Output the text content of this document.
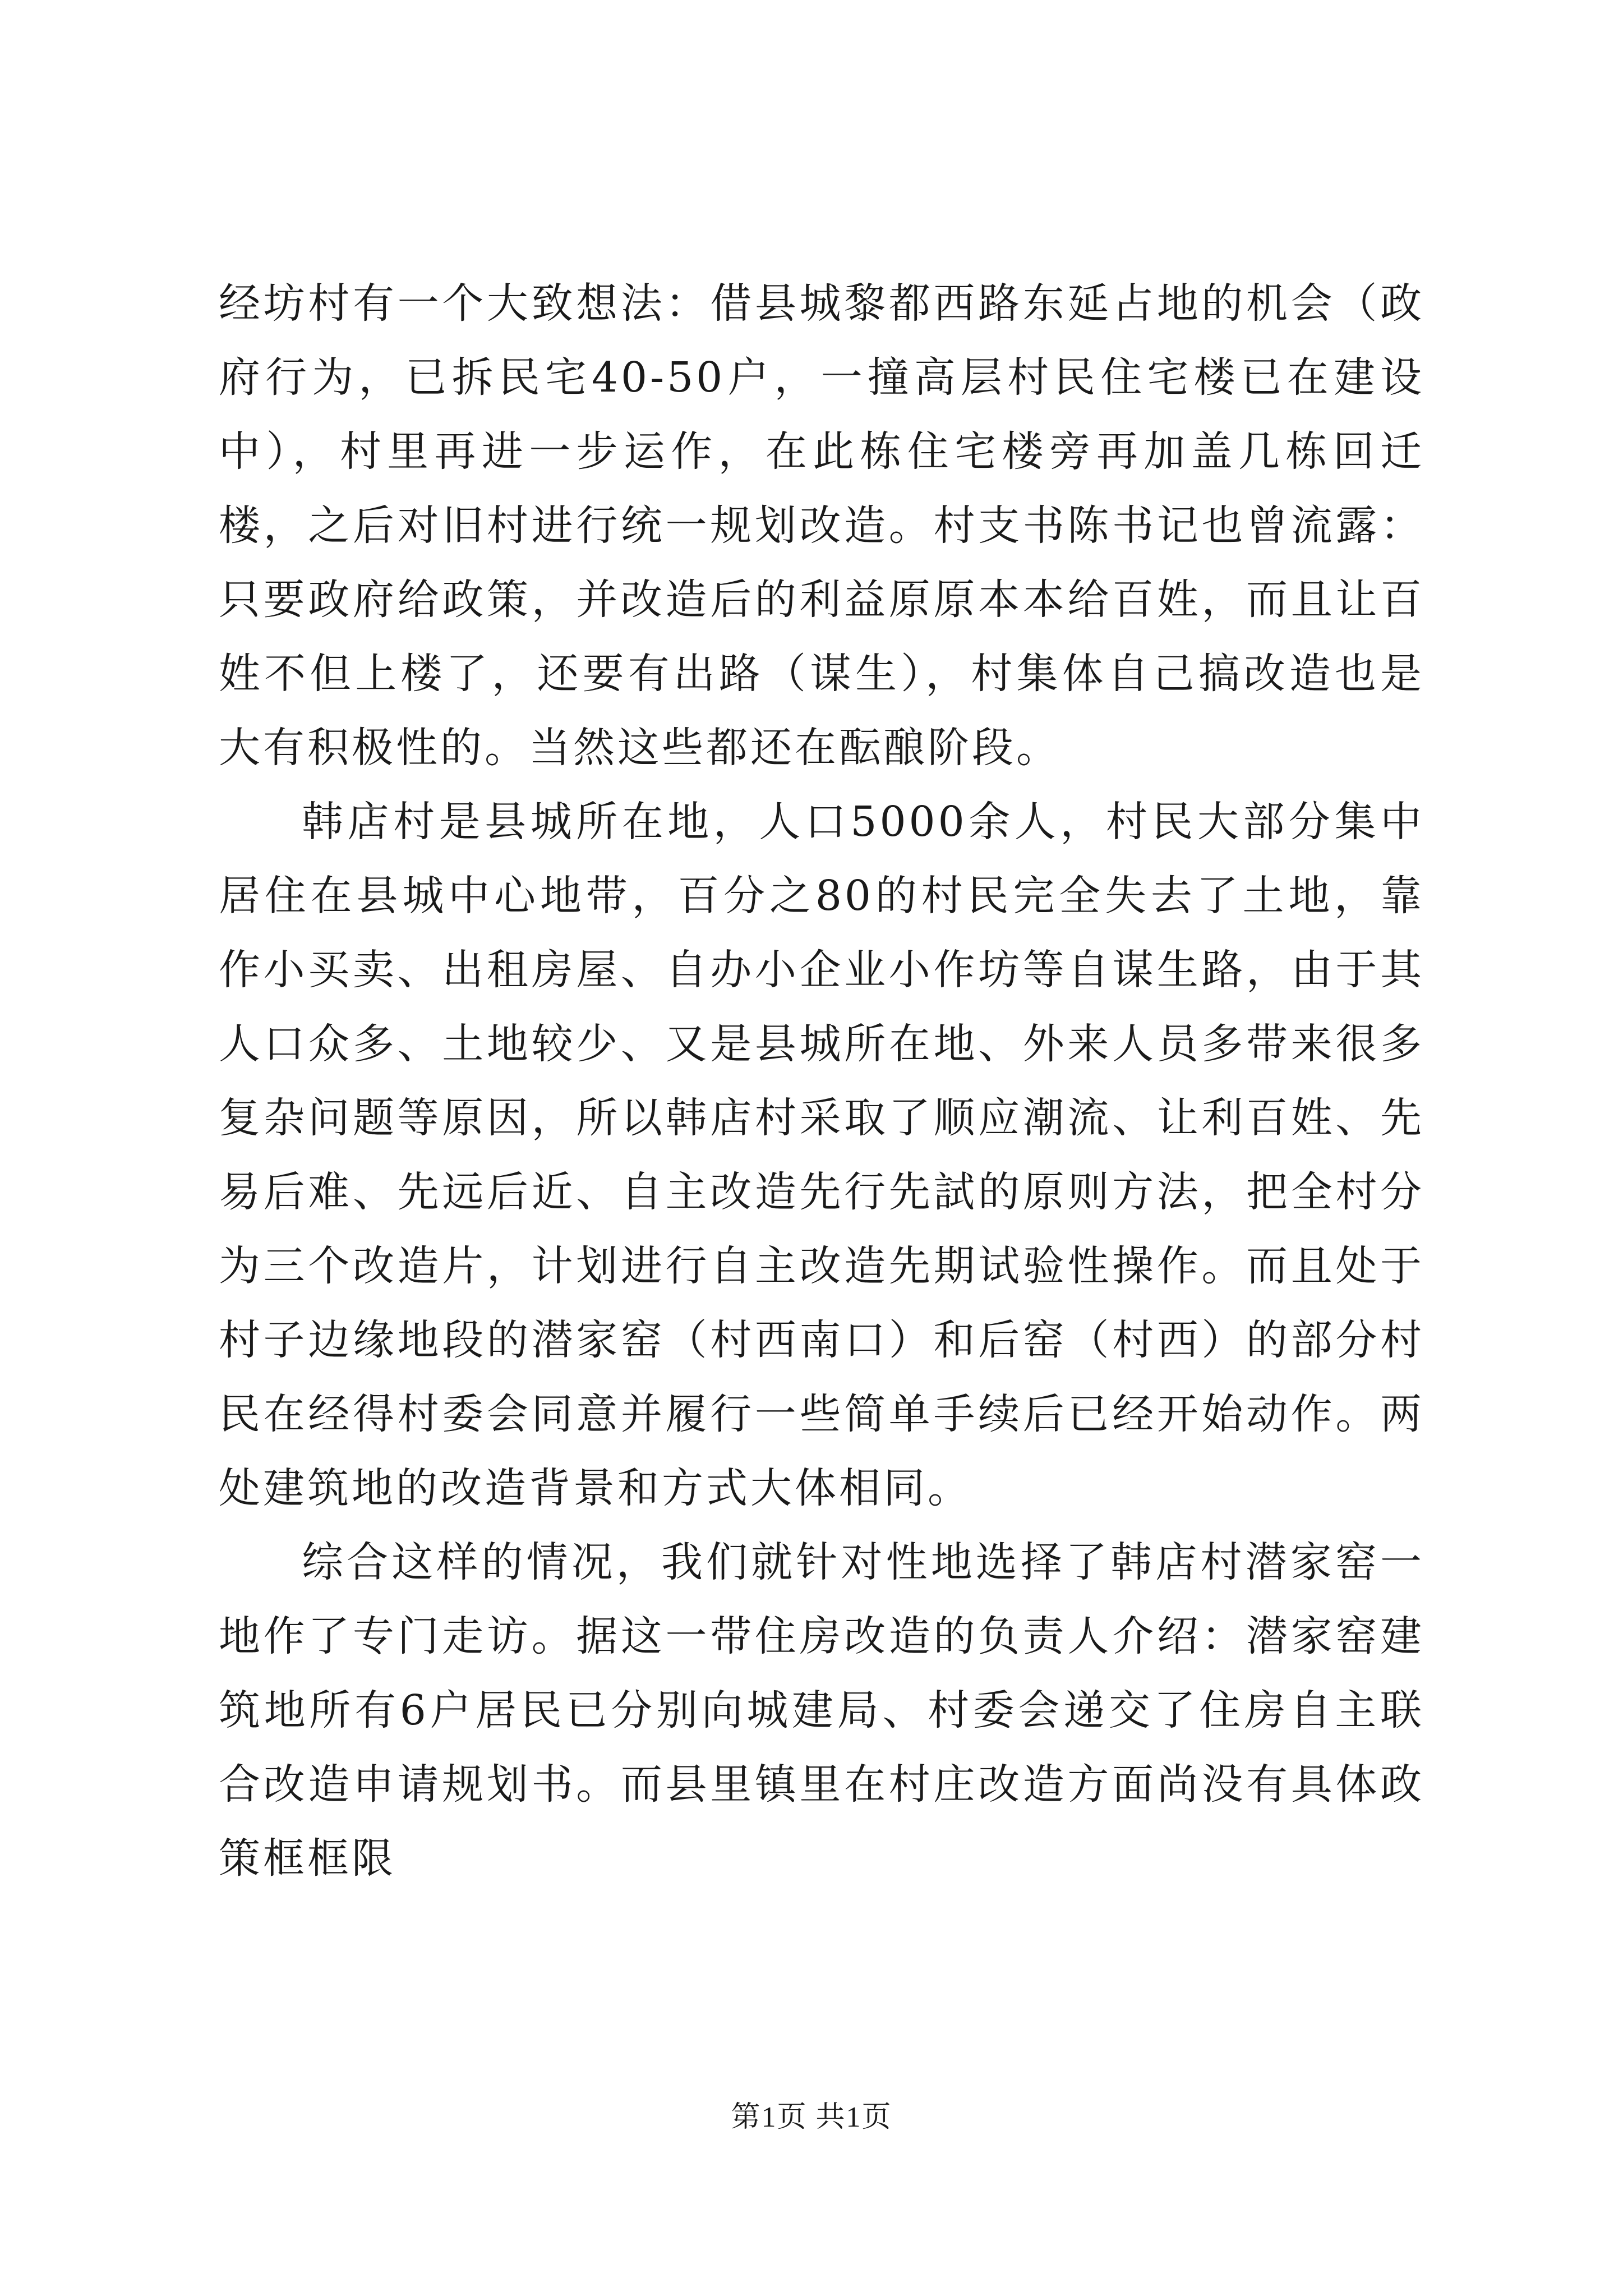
经坊村有一个大致想法：借县城黎都西路东延占地的机会（政府行为，已拆民宅40-50户，一撞高层村民住宅楼已在建设中），村里再进一步运作，在此栋住宅楼旁再加盖几栋回迁楼，之后对旧村进行统一规划改造。村支书陈书记也曾流露：只要政府给政策，并改造后的利益原原本本给百姓，而且让百姓不但上楼了，还要有出路（谋生），村集体自己搞改造也是大有积极性的。当然这些都还在酝酿阶段。

韩店村是县城所在地，人口5000余人，村民大部分集中居住在县城中心地带，百分之80的村民完全失去了土地，靠作小买卖、出租房屋、自办小企业小作坊等自谋生路，由于其人口众多、土地较少、又是县城所在地、外来人员多带来很多复杂问题等原因，所以韩店村采取了顺应潮流、让利百姓、先易后难、先远后近、自主改造先行先試的原则方法，把全村分为三个改造片，计划进行自主改造先期试验性操作。而且处于村子边缘地段的潜家窑（村西南口）和后窑（村西）的部分村民在经得村委会同意并履行一些简单手续后已经开始动作。两处建筑地的改造背景和方式大体相同。

综合这样的情况，我们就针对性地选择了韩店村潜家窑一地作了专门走访。据这一带住房改造的负责人介绍：潜家窑建筑地所有6户居民已分别向城建局、村委会递交了住房自主联合改造申请规划书。而县里镇里在村庄改造方面尚没有具体政策框框限

第1页 共1页
